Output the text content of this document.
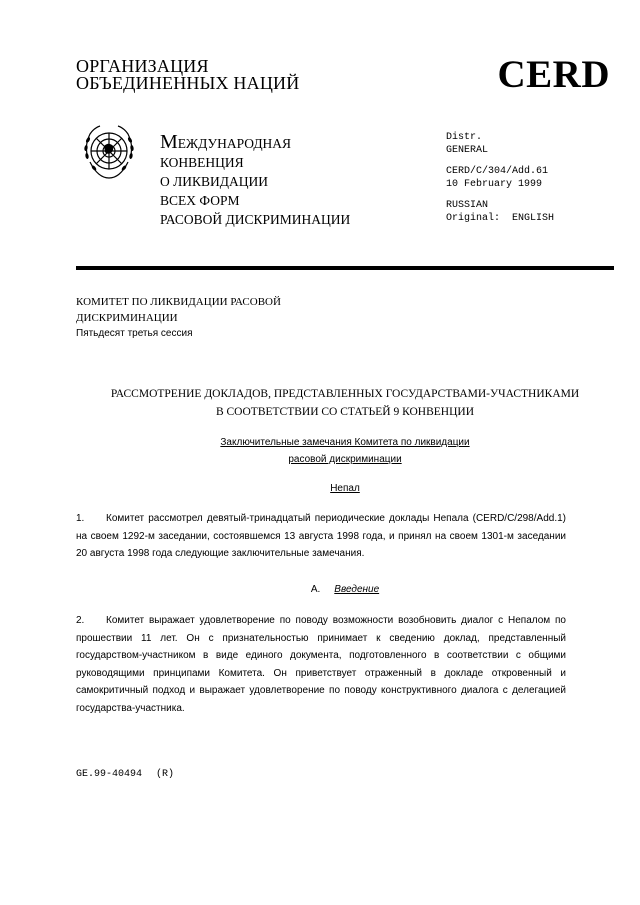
ОРГАНИЗАЦИЯ
ОБЪЕДИНЕННЫХ НАЦИЙ	CERD
МЕЖДУНАРОДНАЯ
КОНВЕНЦИЯ
О ЛИКВИДАЦИИ
ВСЕХ ФОРМ
РАСОВОЙ ДИСКРИМИНАЦИИ
Distr.
GENERAL
CERD/C/304/Add.61
10 February 1999
RUSSIAN
Original:  ENGLISH
КОМИТЕТ ПО ЛИКВИДАЦИИ РАСОВОЙ
ДИСКРИМИНАЦИИ
Пятьдесят третья сессия
РАССМОТРЕНИЕ ДОКЛАДОВ, ПРЕДСТАВЛЕННЫХ ГОСУДАРСТВАМИ-УЧАСТНИКАМИ
В СООТВЕТСТВИИ СО СТАТЬЕЙ 9 КОНВЕНЦИИ
Заключительные замечания Комитета по ликвидации
расовой дискриминации
Непал
1. Комитет рассмотрел девятый-тринадцатый периодические доклады Непала (CERD/C/298/Add.1) на своем 1292-м заседании, состоявшемся 13 августа 1998 года, и принял на своем 1301-м заседании 20 августа 1998 года следующие заключительные замечания.
A. Введение
2. Комитет выражает удовлетворение по поводу возможности возобновить диалог с Непалом по прошествии 11 лет. Он с признательностью принимает к сведению доклад, представленный государством-участником в виде единого документа, подготовленного в соответствии с общими руководящими принципами Комитета. Он приветствует отраженный в докладе откровенный и самокритичный подход и выражает удовлетворение по поводу конструктивного диалога с делегацией государства-участника.
GE.99-40494 (R)
